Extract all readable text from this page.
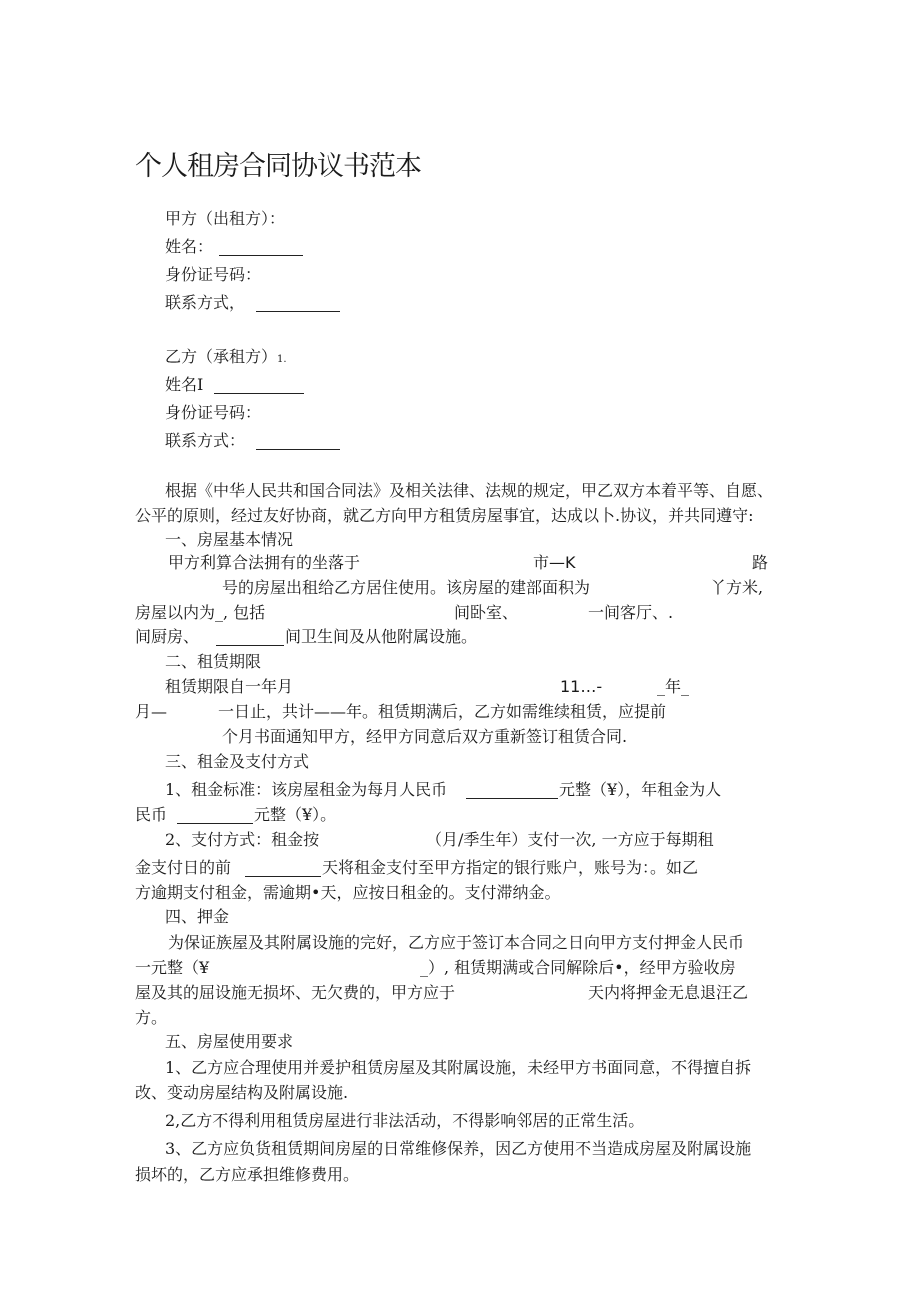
个人租房合同协议书范本
甲方（出租方）：
姓名：
身份证号码：
联系方式，
乙方（承租方）1.
姓名I
身份证号码：
联系方式：
根据《中华人民共和国合同法》及相关法律、法规的规定，甲乙双方本着平等、自愿、
公平的原则，经过友好协商，就乙方向甲方租赁房屋事宜，达成以卜.协议，并共同遵守:
一、房屋基本情况
甲方利算合法拥有的坐落于	市—K	路
号的房屋出租给乙方居住使用。该房屋的建部面积为	丫方米,
房屋以内为_, 包括	间卧室、	一间客厅、.
间厨房、	间卫生间及从他附属设施。
二、租赁期限
租赁期限自一年月	11…-	_年_
月—	一日止，共计——年。租赁期满后，乙方如需维续租赁，应提前
个月书面通知甲方，经甲方同意后双方重新签订租赁合同.
三、租金及支付方式
1、租金标准：该房屋租金为每月人民币	元整（¥），年租金为人
民币	元整（¥）。
2、支付方式：租金按	（月/季生年）支付一次, 一方应于每期租
金支付日的前	天将租金支付至甲方指定的银行账户，账号为：。如乙
方逾期支付租金，需逾期•天，应按日租金的。支付滞纳金。
四、押金
为保证族屋及其附属设施的完好，乙方应于签订本合同之日向甲方支付押金人民币
一元整（¥	_）, 租赁期满或合同解除后•，经甲方验收房
屋及其的屈设施无损坏、无欠费的，甲方应于	天内将押金无息退汪乙
方。
五、房屋使用要求
1、乙方应合理使用并爰护租赁房屋及其附属设施，未经甲方书面同意，不得擅自拆
改、变动房屋结构及附属设施.
2,乙方不得利用租赁房屋进行非法活动，不得影响邻居的正常生活。
3、乙方应负货租赁期间房屋的日常维修保养，因乙方使用不当造成房屋及附属设施
损坏的，乙方应承担维修费用。
